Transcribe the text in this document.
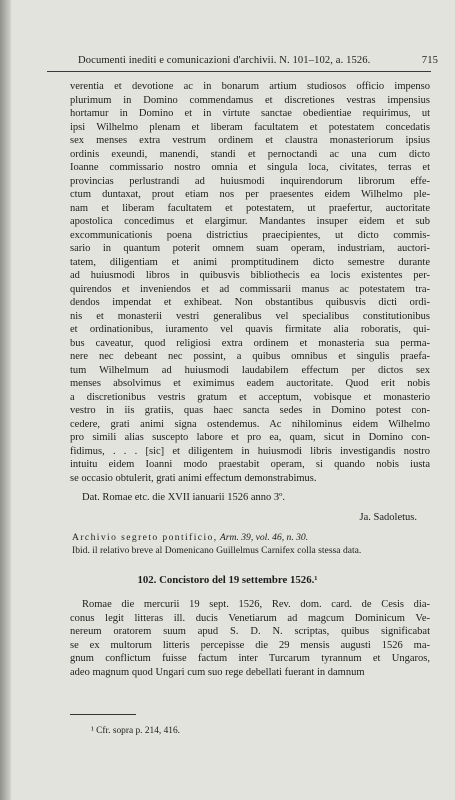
Documenti inediti e comunicazioni d'archivii. N. 101–102, a. 1526.	715
verentia et devotione ac in bonarum artium studiosos officio impenso
plurimum in Domino commendamus et discretiones vestras impensius
hortamur in Domino et in virtute sanctae obedientiae requirimus, ut
ipsi Wilhelmo plenam et liberam facultatem et potestatem concedatis
sex menses extra vestrum ordinem et claustra monasteriorum ipsius
ordinis exeundi, manendi, standi et pernoctandi ac una cum dicto
Ioanne commissario nostro omnia et singula loca, civitates, terras et
provincias perlustrandi ad huiusmodi inquirendorum librorum effe-
ctum duntaxat, prout etiam nos per praesentes eidem Wilhelmo ple-
nam et liberam facultatem et potestatem, ut praefertur, auctoritate
apostolica concedimus et elargimur. Mandantes insuper eidem et sub
excommunicationis poena districtius praecipientes, ut dicto commis-
sario in quantum poterit omnem suam operam, industriam, auctori-
tatem, diligentiam et animi promptitudinem dicto semestre durante
ad huiusmodi libros in quibusvis bibliothecis ea locis existentes per-
quirendos et inveniendos et ad commissarii manus ac potestatem tra-
dendos impendat et exhibeat. Non obstantibus quibusvis dicti ordi-
nis et monasterii vestri generalibus vel specialibus constitutionibus
et ordinationibus, iuramento vel quavis firmitate alia roboratis, qui-
bus caveatur, quod religiosi extra ordinem et monasteria sua perma-
nere nec debeant nec possint, a quibus omnibus et singulis praefa-
tum Wilhelmum ad huiusmodi laudabilem effectum per dictos sex
menses absolvimus et eximimus eadem auctoritate. Quod erit nobis
a discretionibus vestris gratum et acceptum, vobisque et monasterio
vestro in iis gratiis, quas haec sancta sedes in Domino potest con-
cedere, grati animi signa ostendemus. Ac nihilominus eidem Wilhelmo
pro simili alias suscepto labore et pro ea, quam, sicut in Domino con-
fidimus, . . . [sic] et diligentem in huiusmodi libris investigandis nostro
intuitu eidem Ioanni modo praestabit operam, si quando nobis iusta
se occasio obtulerit, grati animi effectum demonstrabimus.
Dat. Romae etc. die XVII ianuarii 1526 anno 3º.
Ja. Sadoletus.
Archivio segreto pontificio, Arm. 39, vol. 46, n. 30.
Ibid. il relativo breve al Domenicano Guillelmus Carnifex colla stessa data.
102. Concistoro del 19 settembre 1526.¹
Romae die mercurii 19 sept. 1526, Rev. dom. card. de Cesis dia-
conus legit litteras ill. ducis Venetiarum ad magcum Dominicum Ve-
nereum oratorem suum apud S. D. N. scriptas, quibus significabat
se ex multorum litteris percepisse die 29 mensis augusti 1526 ma-
gnum conflictum fuisse factum inter Turcarum tyrannum et Ungaros,
adeo magnum quod Ungari cum suo rege debellati fuerant in damnum
¹ Cfr. sopra p. 214, 416.
